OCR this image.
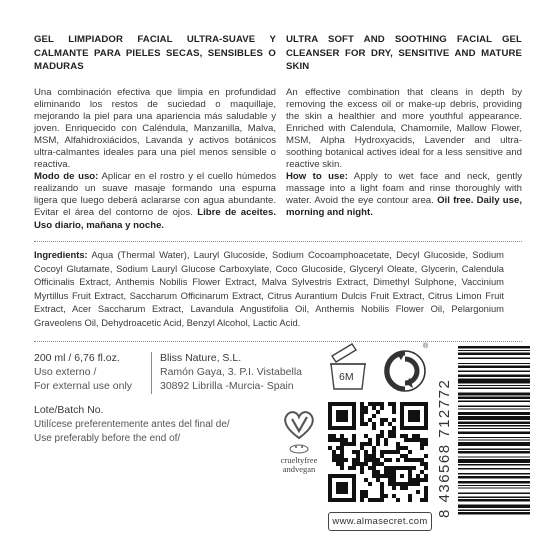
GEL LIMPIADOR FACIAL ULTRA-SUAVE Y CALMANTE PARA PIELES SECAS, SENSIBLES O MADURAS
Una combinación efectiva que limpia en profundidad eliminando los restos de suciedad o maquillaje, mejorando la piel para una apariencia más saludable y joven. Enriquecido con Caléndula, Manzanilla, Malva, MSM, Alfahidroxiácidos, Lavanda y activos botánicos ultra-calmantes ideales para una piel menos sensible o reactiva.
Modo de uso: Aplicar en el rostro y el cuello húmedos realizando un suave masaje formando una espuma ligera que luego deberá aclararse con agua abundante. Evitar el área del contorno de ojos. Libre de aceites. Uso diario, mañana y noche.
ULTRA SOFT AND SOOTHING FACIAL GEL CLEANSER FOR DRY, SENSITIVE AND MATURE SKIN
An effective combination that cleans in depth by removing the excess oil or make-up debris, providing the skin a healthier and more youthful appearance. Enriched with Calendula, Chamomile, Mallow Flower, MSM, Alpha Hydroxyacids, Lavender and ultra-soothing botanical actives ideal for a less sensitive and reactive skin.
How to use: Apply to wet face and neck, gently massage into a light foam and rinse thoroughly with water. Avoid the eye contour area. Oil free. Daily use, morning and night.
Ingredients: Aqua (Thermal Water), Lauryl Glucoside, Sodium Cocoamphoacetate, Decyl Glucoside, Sodium Cocoyl Glutamate, Sodium Lauryl Glucose Carboxylate, Coco Glucoside, Glyceryl Oleate, Glycerin, Calendula Officinalis Extract, Anthemis Nobilis Flower Extract, Malva Sylvestris Extract, Dimethyl Sulphone, Vaccinium Myrtillus Fruit Extract, Saccharum Officinarum Extract, Citrus Aurantium Dulcis Fruit Extract, Citrus Limon Fruit Extract, Acer Saccharum Extract, Lavandula Angustifolia Oil, Anthemis Nobilis Flower Oil, Pelargonium Graveolens Oil, Dehydroacetic Acid, Benzyl Alcohol, Lactic Acid.
200 ml / 6,76 fl.oz.
Uso externo /
For external use only
Bliss Nature, S.L.
Ramón Gaya, 3. P.I. Vistabella
30892 Librilla -Murcia- Spain
Lote/Batch No.
Utilícese preferentemente antes del final de/
Use preferably before the end of/
6M
®
crueltyfree
andvegan
www.almasecret.com
8 436568 712772
